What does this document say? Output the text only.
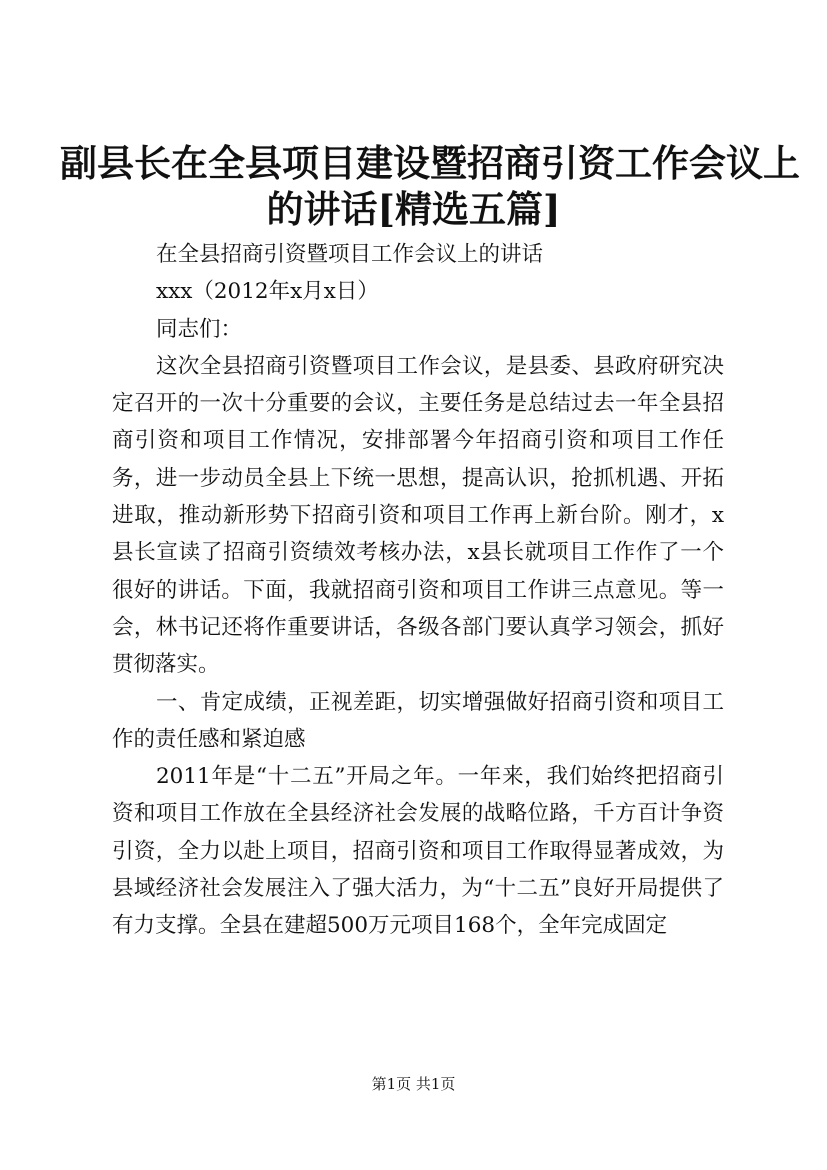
副县长在全县项目建设暨招商引资工作会议上
的讲话[精选五篇]

在全县招商引资暨项目工作会议上的讲话

xxx（2012年x月x日）

同志们：

这次全县招商引资暨项目工作会议，是县委、县政府研究决定召开的一次十分重要的会议，主要任务是总结过去一年全县招商引资和项目工作情况，安排部署今年招商引资和项目工作任务，进一步动员全县上下统一思想，提高认识，抢抓机遇、开拓进取，推动新形势下招商引资和项目工作再上新台阶。刚才，x县长宣读了招商引资绩效考核办法，x县长就项目工作作了一个很好的讲话。下面，我就招商引资和项目工作讲三点意见。等一会，林书记还将作重要讲话，各级各部门要认真学习领会，抓好贯彻落实。

一、肯定成绩，正视差距，切实增强做好招商引资和项目工作的责任感和紧迫感

2011年是“十二五”开局之年。一年来，我们始终把招商引资和项目工作放在全县经济社会发展的战略位路，千方百计争资引资，全力以赴上项目，招商引资和项目工作取得显著成效，为县域经济社会发展注入了强大活力，为“十二五”良好开局提供了有力支撑。全县在建超500万元项目168个，全年完成固定

第1页 共1页
